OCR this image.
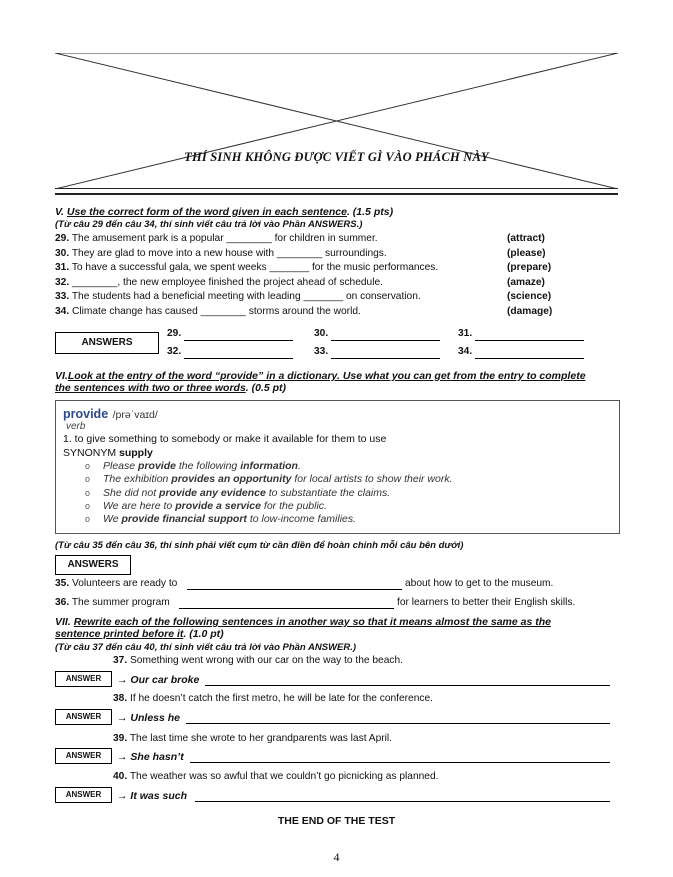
THÍ SINH KHÔNG ĐƯỢC VIẾT GÌ VÀO PHÁCH NÀY
V. Use the correct form of the word given in each sentence. (1.5 pts)
(Từ câu 29 đến câu 34, thí sinh viết câu trả lời vào Phần ANSWERS.)
29. The amusement park is a popular ________ for children in summer.	(attract)
30. They are glad to move into a new house with ________ surroundings.	(please)
31. To have a successful gala, we spent weeks _______ for the music performances.	(prepare)
32. ________, the new employee finished the project ahead of schedule.	(amaze)
33. The students had a beneficial meeting with leading _______ on conservation.	(science)
34. Climate change has caused ________ storms around the world.	(damage)
ANSWERS
29.	30.	31.
32.	33.	34.
VI.Look at the entry of the word “provide” in a dictionary. Use what you can get from the entry to complete
the sentences with two or three words. (0.5 pt)
provide /prəˈvaɪd/
verb
1. to give something to somebody or make it available for them to use
SYNONYM supply
o Please provide the following information.
o The exhibition provides an opportunity for local artists to show their work.
o She did not provide any evidence to substantiate the claims.
o We are here to provide a service for the public.
o We provide financial support to low-income families.
(Từ câu 35 đến câu 36, thí sinh phải viết cụm từ cần điền để hoàn chỉnh mỗi câu bên dưới)
ANSWERS
35. Volunteers are ready to	about how to get to the museum.
36. The summer program	for learners to better their English skills.
VII. Rewrite each of the following sentences in another way so that it means almost the same as the
sentence printed before it. (1.0 pt)
(Từ câu 37 đến câu 40, thí sinh viết câu trả lời vào Phần ANSWER.)
37. Something went wrong with our car on the way to the beach.
ANSWER	→ Our car broke
38. If he doesn’t catch the first metro, he will be late for the conference.
ANSWER	→ Unless he
39. The last time she wrote to her grandparents was last April.
ANSWER	→ She hasn’t
40. The weather was so awful that we couldn’t go picnicking as planned.
ANSWER	→ It was such
THE END OF THE TEST
4
